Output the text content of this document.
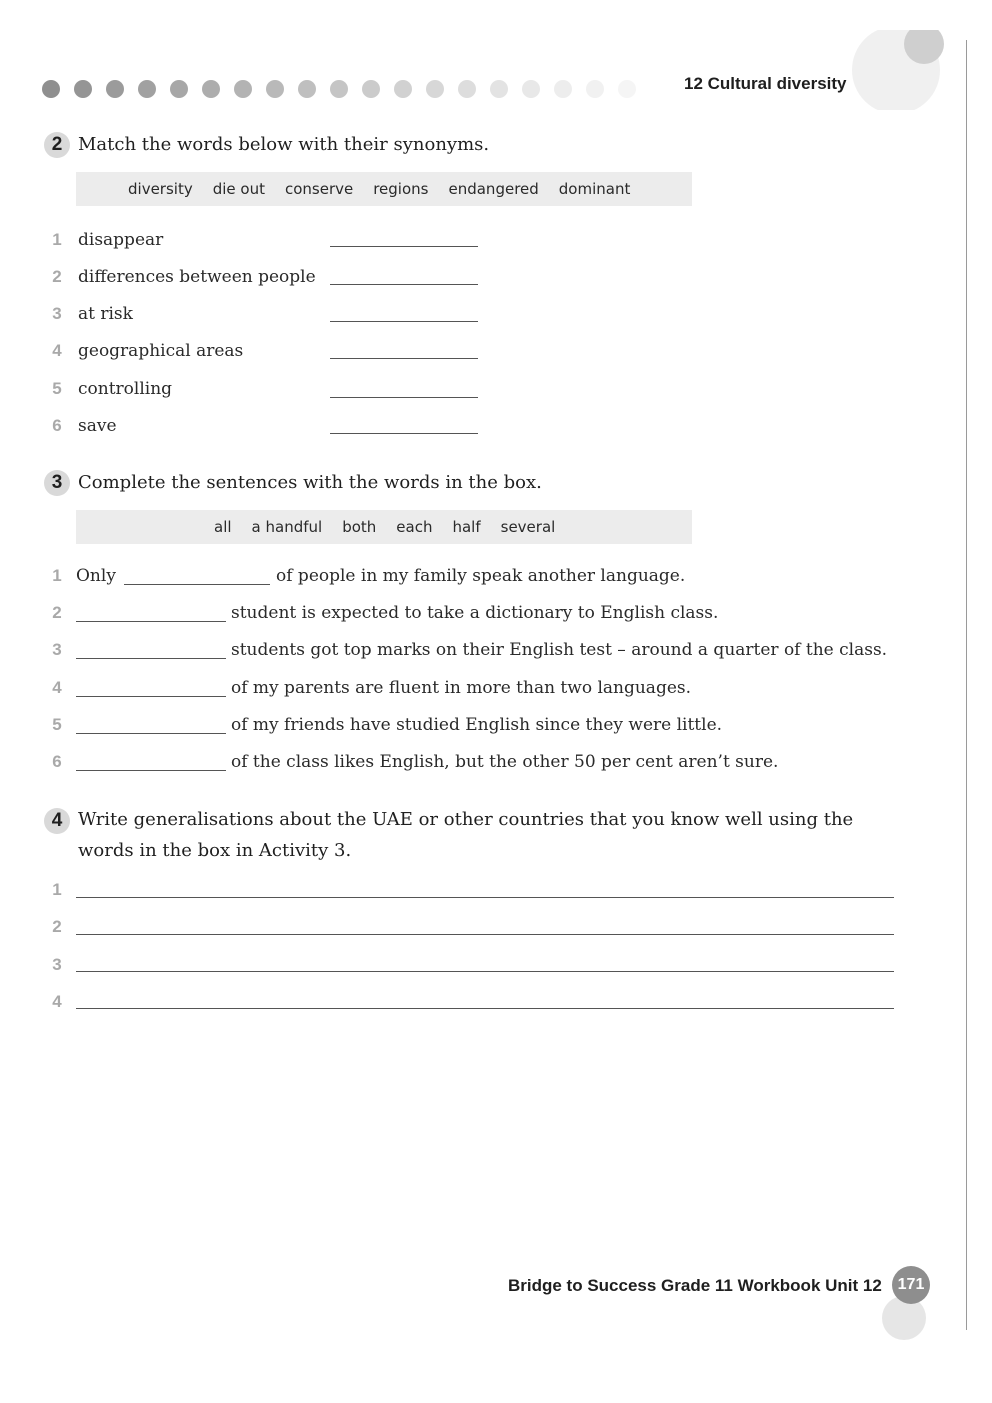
12 Cultural diversity
2 Match the words below with their synonyms.
diversity die out conserve regions endangered dominant
1 disappear
2 differences between people
3 at risk
4 geographical areas
5 controlling
6 save
3 Complete the sentences with the words in the box.
all a handful both each half several
1 Only	of people in my family speak another language.
2	student is expected to take a dictionary to English class.
3	students got top marks on their English test – around a quarter of the class.
4	of my parents are fluent in more than two languages.
5	of my friends have studied English since they were little.
6	of the class likes English, but the other 50 per cent aren’t sure.
4 Write generalisations about the UAE or other countries that you know well using the
words in the box in Activity 3.
1
2
3
4
Bridge to Success Grade 11 Workbook Unit 12 171
